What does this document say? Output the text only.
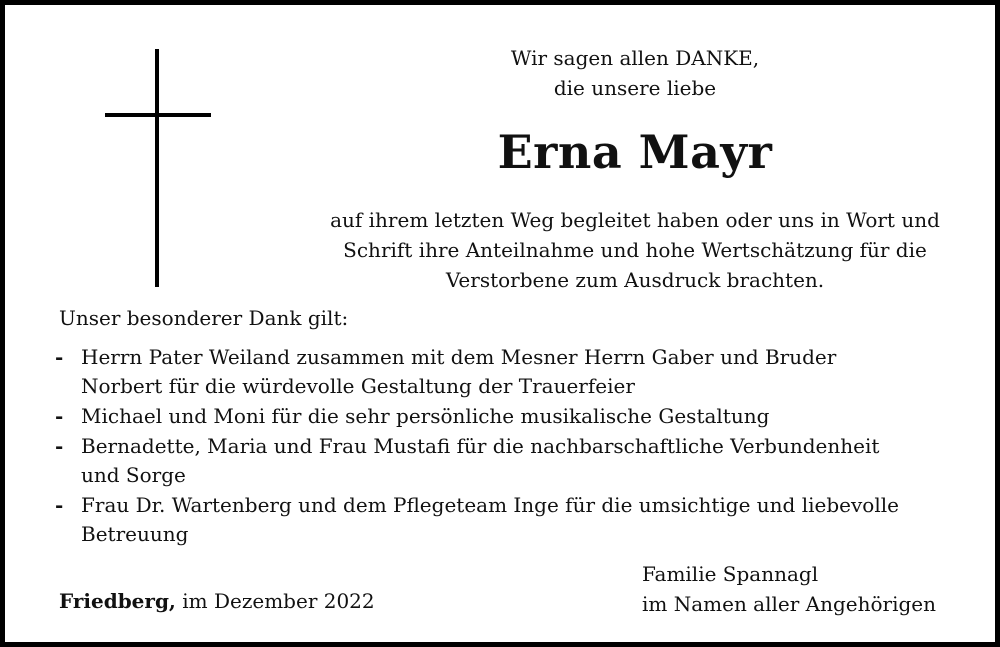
Wir sagen allen DANKE,
die unsere liebe
Erna Mayr
auf ihrem letzten Weg begleitet haben oder uns in Wort und
Schrift ihre Anteilnahme und hohe Wertschätzung für die
Verstorbene zum Ausdruck brachten.
Unser besonderer Dank gilt:
- Herrn Pater Weiland zusammen mit dem Mesner Herrn Gaber und Bruder
Norbert für die würdevolle Gestaltung der Trauerfeier
- Michael und Moni für die sehr persönliche musikalische Gestaltung
- Bernadette, Maria und Frau Mustafi für die nachbarschaftliche Verbundenheit
und Sorge
- Frau Dr. Wartenberg und dem Pflegeteam Inge für die umsichtige und liebevolle
Betreuung
Friedberg, im Dezember 2022
Familie Spannagl
im Namen aller Angehörigen
